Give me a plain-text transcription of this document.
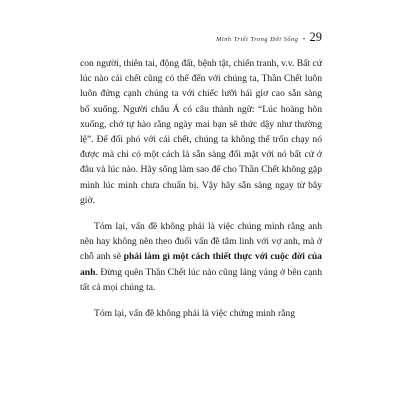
Minh Triết Trong Đời Sống - 29

con người, thiên tai, động đất, bệnh tật, chiến tranh, v.v. Bất cứ lúc nào cái chết cũng có thể đến với chúng ta, Thần Chết luôn luôn đứng cạnh chúng ta với chiếc lưỡi hái giơ cao sẵn sàng bổ xuống. Người châu Á có câu thành ngữ: “Lúc hoàng hôn xuống, chớ tự hào rằng ngày mai bạn sẽ thức dậy như thường lệ”. Để đối phó với cái chết, chúng ta không thể trốn chạy nó được mà chỉ có một cách là sẵn sàng đối mặt với nó bất cứ ở đâu và lúc nào. Hãy sống làm sao để cho Thần Chết không gặp mình lúc mình chưa chuẩn bị. Vậy hãy sẵn sàng ngay từ bây giờ.

Tóm lại, vấn đề không phải là việc chúng mình rằng anh nên hay không nên theo đuổi vấn đề tâm linh với vợ anh, mà ở chỗ anh sẽ phải làm gì một cách thiết thực với cuộc đời của anh. Đừng quên Thần Chết lúc nào cũng lảng vảng ở bên cạnh tất cả mọi chúng ta.

Tóm lại, vấn đề không phải là việc chứng minh rằng
